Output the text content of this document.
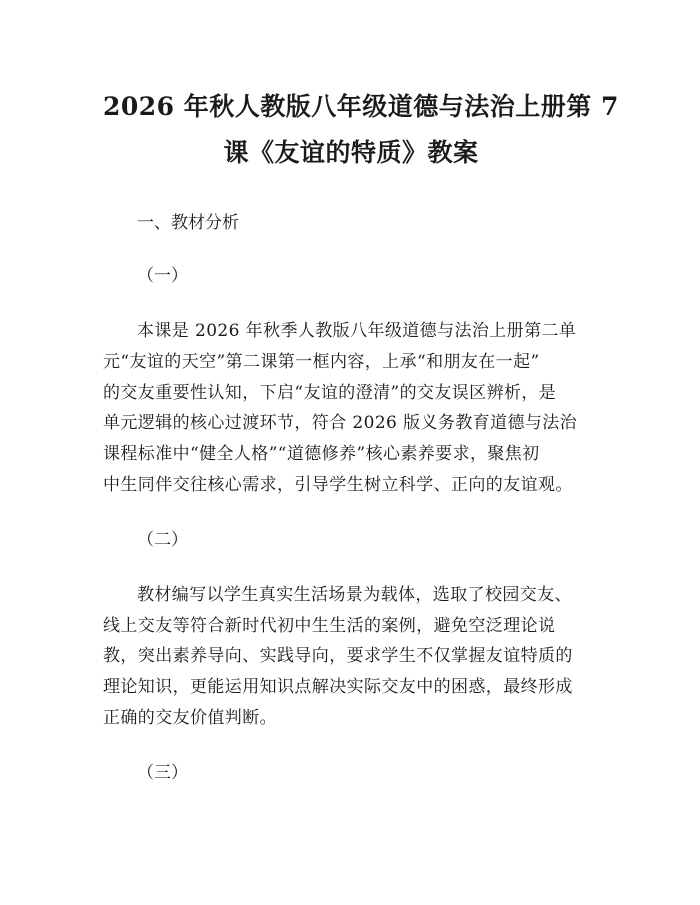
2026 年秋人教版八年级道德与法治上册第 7
课《友谊的特质》教案

一、教材分析

（一）

本课是 2026 年秋季人教版八年级道德与法治上册第二单
元“友谊的天空”第二课第一框内容，上承“和朋友在一起”
的交友重要性认知，下启“友谊的澄清”的交友误区辨析，是
单元逻辑的核心过渡环节，符合 2026 版义务教育道德与法治
课程标准中“健全人格”“道德修养”核心素养要求，聚焦初
中生同伴交往核心需求，引导学生树立科学、正向的友谊观。

（二）

教材编写以学生真实生活场景为载体，选取了校园交友、
线上交友等符合新时代初中生生活的案例，避免空泛理论说
教，突出素养导向、实践导向，要求学生不仅掌握友谊特质的
理论知识，更能运用知识点解决实际交友中的困惑，最终形成
正确的交友价值判断。

（三）
